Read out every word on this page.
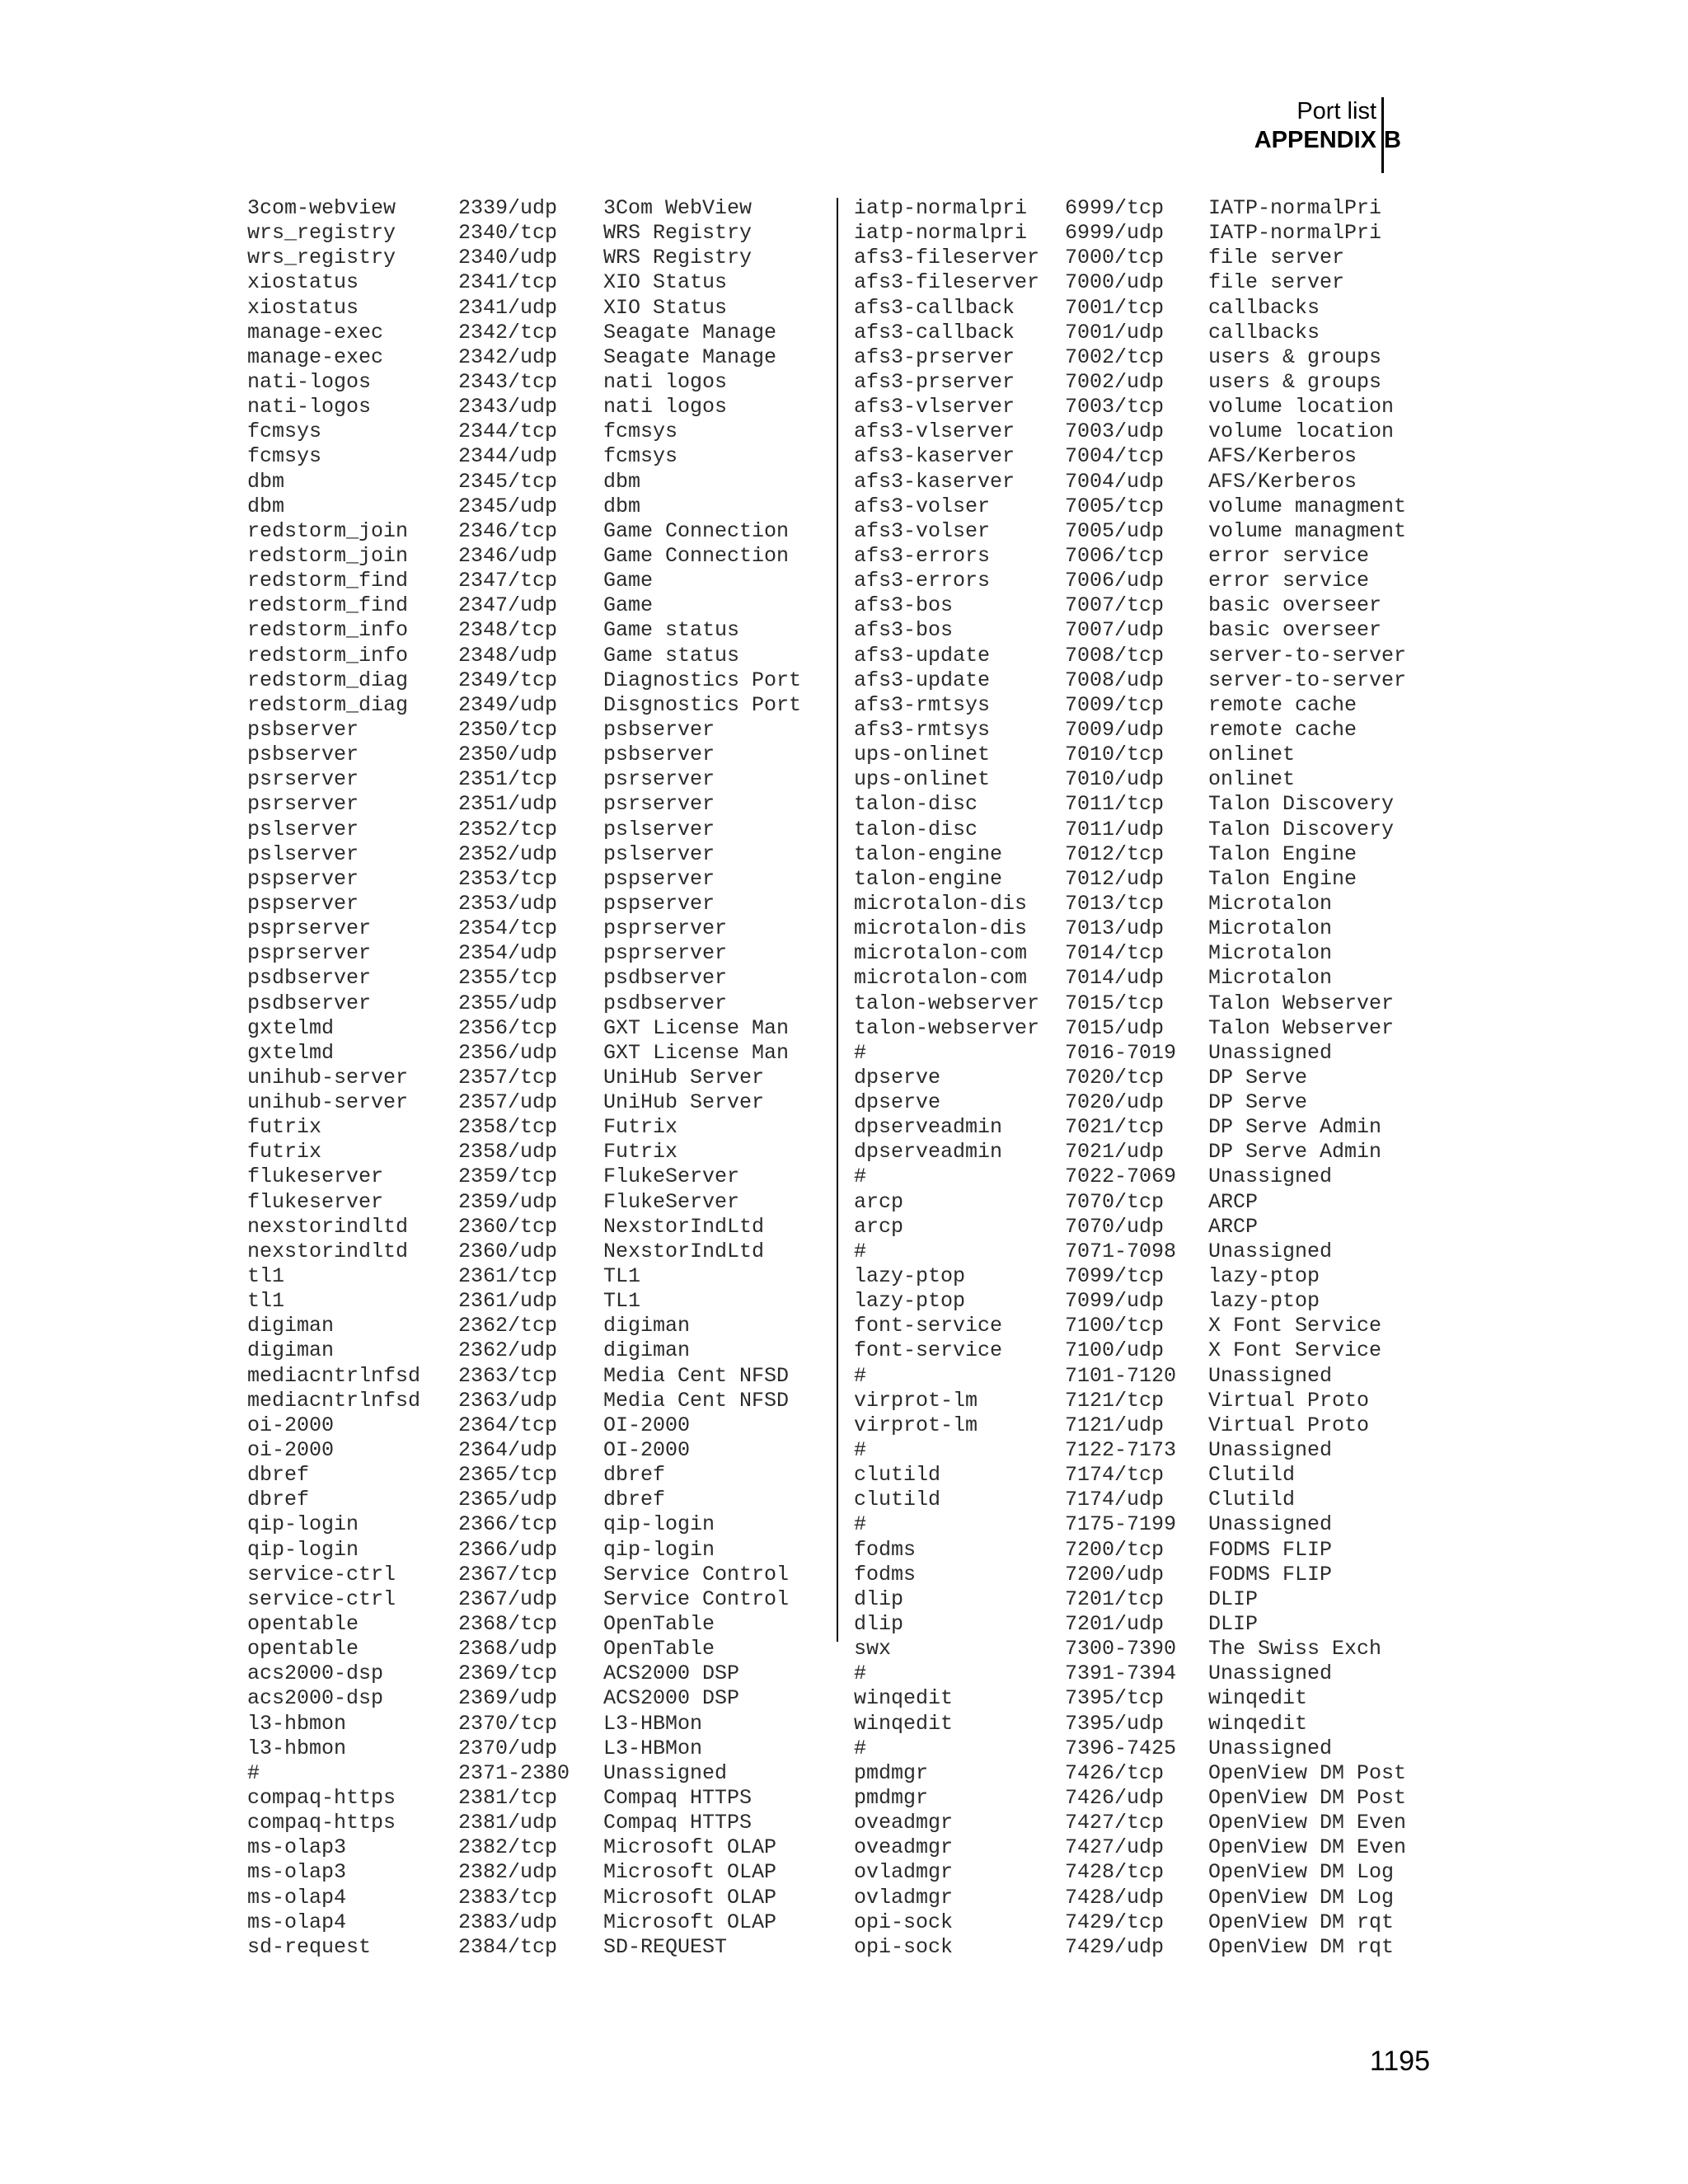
Port list
APPENDIX B
3com-webview	2339/udp 3Com WebView
wrs_registry	2340/tcp WRS Registry
wrs_registry	2340/udp WRS Registry
xiostatus	2341/tcp XIO Status
xiostatus	2341/udp XIO Status
manage-exec	2342/tcp Seagate Manage
manage-exec	2342/udp Seagate Manage
nati-logos	2343/tcp nati logos
nati-logos	2343/udp nati logos
fcmsys	2344/tcp fcmsys
fcmsys	2344/udp fcmsys
dbm	2345/tcp dbm
dbm	2345/udp dbm
redstorm_join 2346/tcp Game Connection
redstorm_join 2346/udp Game Connection
redstorm_find 2347/tcp Game
redstorm_find 2347/udp Game
redstorm_info 2348/tcp Game status
redstorm_info 2348/udp Game status
redstorm_diag 2349/tcp Diagnostics Port
redstorm_diag 2349/udp Disgnostics Port
psbserver	2350/tcp psbserver
psbserver	2350/udp psbserver
psrserver	2351/tcp psrserver
psrserver	2351/udp psrserver
pslserver	2352/tcp pslserver
pslserver	2352/udp pslserver
pspserver	2353/tcp pspserver
pspserver	2353/udp pspserver
psprserver	2354/tcp psprserver
psprserver	2354/udp psprserver
psdbserver	2355/tcp psdbserver
psdbserver	2355/udp psdbserver
gxtelmd	2356/tcp GXT License Man
gxtelmd	2356/udp GXT License Man
unihub-server 2357/tcp UniHub Server
unihub-server 2357/udp UniHub Server
futrix	2358/tcp Futrix
futrix	2358/udp Futrix
flukeserver	2359/tcp FlukeServer
flukeserver	2359/udp FlukeServer
nexstorindltd 2360/tcp NexstorIndLtd
nexstorindltd 2360/udp NexstorIndLtd
tl1	2361/tcp TL1
tl1	2361/udp TL1
digiman	2362/tcp digiman
digiman	2362/udp digiman
mediacntrlnfsd 2363/tcp Media Cent NFSD
mediacntrlnfsd 2363/udp Media Cent NFSD
oi-2000	2364/tcp OI-2000
oi-2000	2364/udp OI-2000
dbref	2365/tcp dbref
dbref	2365/udp dbref
qip-login	2366/tcp qip-login
qip-login	2366/udp qip-login
service-ctrl	2367/tcp Service Control
service-ctrl	2367/udp Service Control
opentable	2368/tcp OpenTable
opentable	2368/udp OpenTable
acs2000-dsp	2369/tcp ACS2000 DSP
acs2000-dsp	2369/udp ACS2000 DSP
l3-hbmon	2370/tcp L3-HBMon
l3-hbmon	2370/udp L3-HBMon
#	2371-2380 Unassigned
compaq-https	2381/tcp Compaq HTTPS
compaq-https	2381/udp Compaq HTTPS
ms-olap3	2382/tcp Microsoft OLAP
ms-olap3	2382/udp Microsoft OLAP
ms-olap4	2383/tcp Microsoft OLAP
ms-olap4	2383/udp Microsoft OLAP
sd-request	2384/tcp SD-REQUEST
iatp-normalpri 6999/tcp IATP-normalPri
iatp-normalpri 6999/udp IATP-normalPri
afs3-fileserver 7000/tcp file server
afs3-fileserver 7000/udp file server
afs3-callback 7001/tcp callbacks
afs3-callback 7001/udp callbacks
afs3-prserver 7002/tcp users & groups
afs3-prserver 7002/udp users & groups
afs3-vlserver 7003/tcp volume location
afs3-vlserver 7003/udp volume location
afs3-kaserver 7004/tcp AFS/Kerberos
afs3-kaserver 7004/udp AFS/Kerberos
afs3-volser	7005/tcp volume managment
afs3-volser	7005/udp volume managment
afs3-errors	7006/tcp error service
afs3-errors	7006/udp error service
afs3-bos	7007/tcp basic overseer
afs3-bos	7007/udp basic overseer
afs3-update	7008/tcp server-to-server
afs3-update	7008/udp server-to-server
afs3-rmtsys	7009/tcp remote cache
afs3-rmtsys	7009/udp remote cache
ups-onlinet	7010/tcp onlinet
ups-onlinet	7010/udp onlinet
talon-disc	7011/tcp Talon Discovery
talon-disc	7011/udp Talon Discovery
talon-engine	7012/tcp Talon Engine
talon-engine	7012/udp Talon Engine
microtalon-dis 7013/tcp Microtalon
microtalon-dis 7013/udp Microtalon
microtalon-com 7014/tcp Microtalon
microtalon-com 7014/udp Microtalon
talon-webserver 7015/tcp Talon Webserver
talon-webserver 7015/udp Talon Webserver
#	7016-7019 Unassigned
dpserve	7020/tcp DP Serve
dpserve	7020/udp DP Serve
dpserveadmin	7021/tcp DP Serve Admin
dpserveadmin	7021/udp DP Serve Admin
#	7022-7069 Unassigned
arcp	7070/tcp ARCP
arcp	7070/udp ARCP
#	7071-7098 Unassigned
lazy-ptop	7099/tcp lazy-ptop
lazy-ptop	7099/udp lazy-ptop
font-service	7100/tcp X Font Service
font-service	7100/udp X Font Service
#	7101-7120 Unassigned
virprot-lm	7121/tcp Virtual Proto
virprot-lm	7121/udp Virtual Proto
#	7122-7173 Unassigned
clutild	7174/tcp Clutild
clutild	7174/udp Clutild
#	7175-7199 Unassigned
fodms	7200/tcp FODMS FLIP
fodms	7200/udp FODMS FLIP
dlip	7201/tcp DLIP
dlip	7201/udp DLIP
swx	7300-7390 The Swiss Exch
#	7391-7394 Unassigned
winqedit	7395/tcp winqedit
winqedit	7395/udp winqedit
#	7396-7425 Unassigned
pmdmgr	7426/tcp OpenView DM Post
pmdmgr	7426/udp OpenView DM Post
oveadmgr	7427/tcp OpenView DM Even
oveadmgr	7427/udp OpenView DM Even
ovladmgr	7428/tcp OpenView DM Log
ovladmgr	7428/udp OpenView DM Log
opi-sock	7429/tcp OpenView DM rqt
opi-sock	7429/udp OpenView DM rqt
1195
